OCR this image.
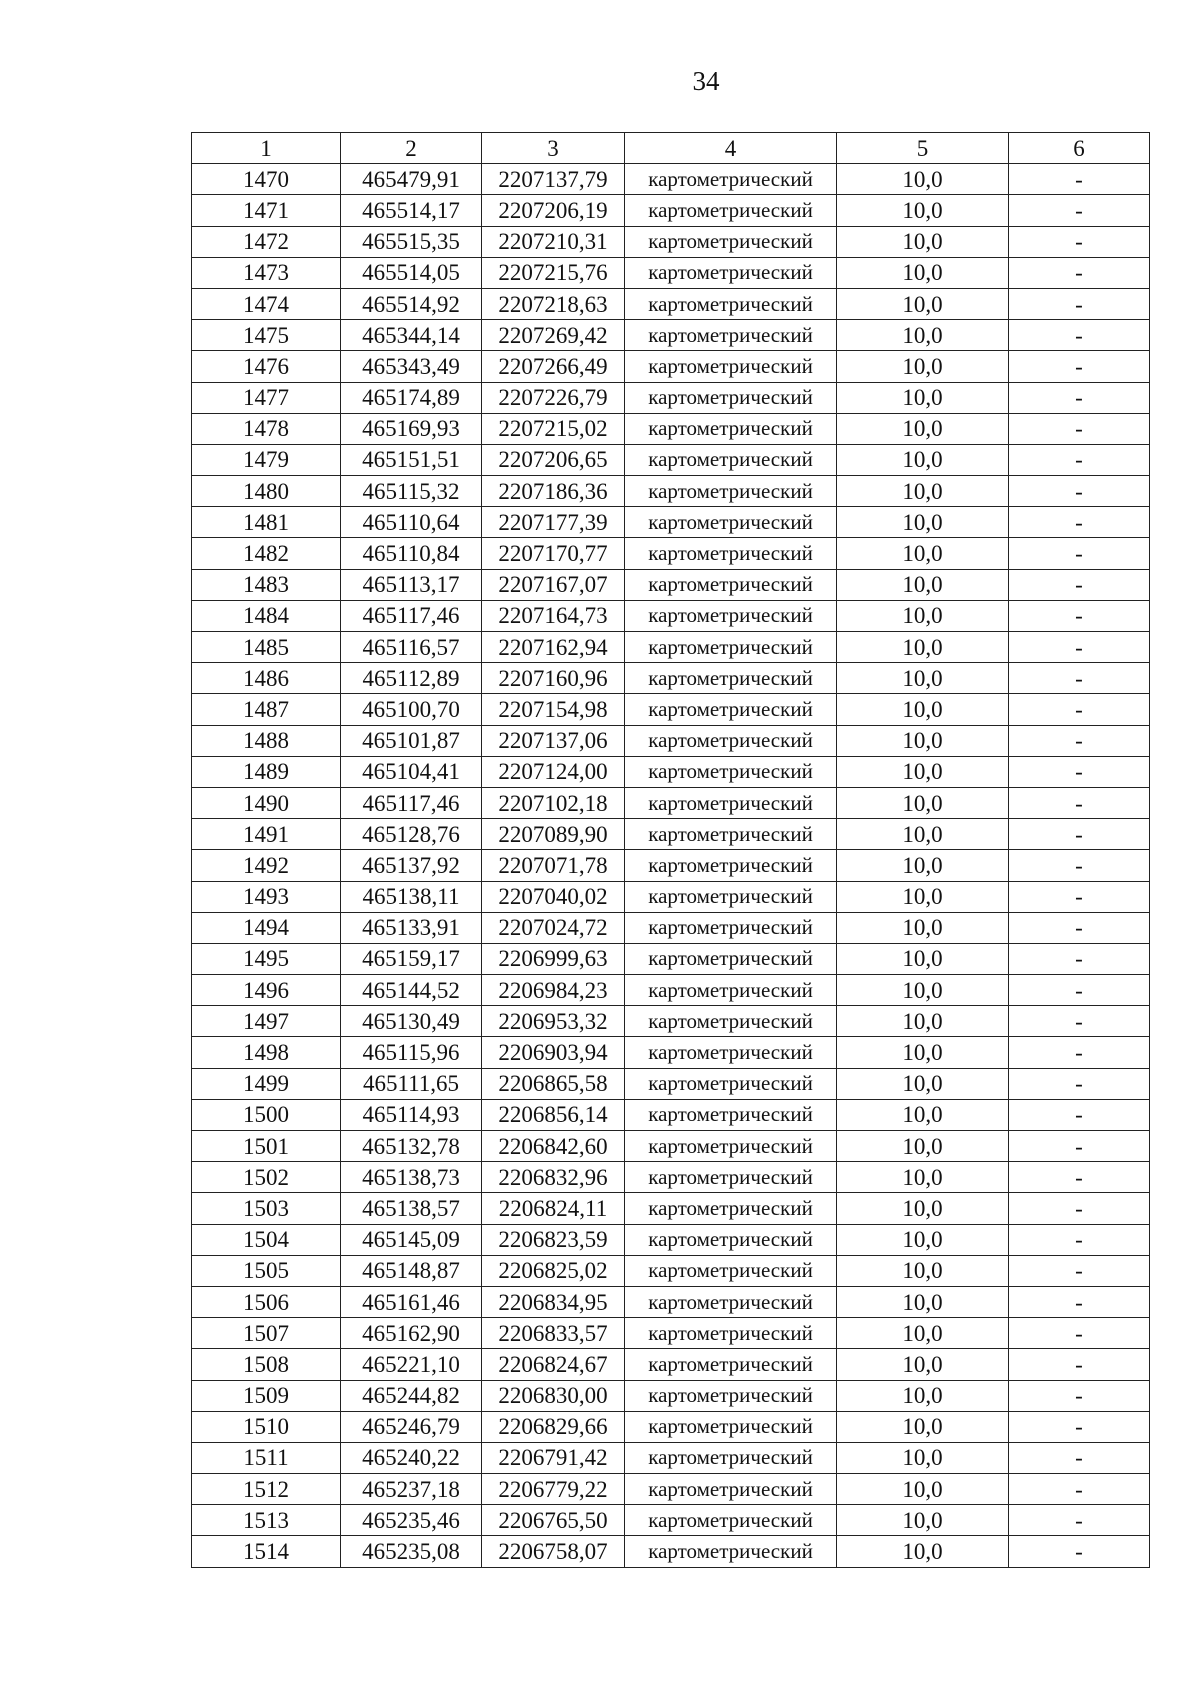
34
1	2	3	4	5	6
1470	465479,91	2207137,79	картометрический	10,0	-
1471	465514,17	2207206,19	картометрический	10,0	-
1472	465515,35	2207210,31	картометрический	10,0	-
1473	465514,05	2207215,76	картометрический	10,0	-
1474	465514,92	2207218,63	картометрический	10,0	-
1475	465344,14	2207269,42	картометрический	10,0	-
1476	465343,49	2207266,49	картометрический	10,0	-
1477	465174,89	2207226,79	картометрический	10,0	-
1478	465169,93	2207215,02	картометрический	10,0	-
1479	465151,51	2207206,65	картометрический	10,0	-
1480	465115,32	2207186,36	картометрический	10,0	-
1481	465110,64	2207177,39	картометрический	10,0	-
1482	465110,84	2207170,77	картометрический	10,0	-
1483	465113,17	2207167,07	картометрический	10,0	-
1484	465117,46	2207164,73	картометрический	10,0	-
1485	465116,57	2207162,94	картометрический	10,0	-
1486	465112,89	2207160,96	картометрический	10,0	-
1487	465100,70	2207154,98	картометрический	10,0	-
1488	465101,87	2207137,06	картометрический	10,0	-
1489	465104,41	2207124,00	картометрический	10,0	-
1490	465117,46	2207102,18	картометрический	10,0	-
1491	465128,76	2207089,90	картометрический	10,0	-
1492	465137,92	2207071,78	картометрический	10,0	-
1493	465138,11	2207040,02	картометрический	10,0	-
1494	465133,91	2207024,72	картометрический	10,0	-
1495	465159,17	2206999,63	картометрический	10,0	-
1496	465144,52	2206984,23	картометрический	10,0	-
1497	465130,49	2206953,32	картометрический	10,0	-
1498	465115,96	2206903,94	картометрический	10,0	-
1499	465111,65	2206865,58	картометрический	10,0	-
1500	465114,93	2206856,14	картометрический	10,0	-
1501	465132,78	2206842,60	картометрический	10,0	-
1502	465138,73	2206832,96	картометрический	10,0	-
1503	465138,57	2206824,11	картометрический	10,0	-
1504	465145,09	2206823,59	картометрический	10,0	-
1505	465148,87	2206825,02	картометрический	10,0	-
1506	465161,46	2206834,95	картометрический	10,0	-
1507	465162,90	2206833,57	картометрический	10,0	-
1508	465221,10	2206824,67	картометрический	10,0	-
1509	465244,82	2206830,00	картометрический	10,0	-
1510	465246,79	2206829,66	картометрический	10,0	-
1511	465240,22	2206791,42	картометрический	10,0	-
1512	465237,18	2206779,22	картометрический	10,0	-
1513	465235,46	2206765,50	картометрический	10,0	-
1514	465235,08	2206758,07	картометрический	10,0	-
